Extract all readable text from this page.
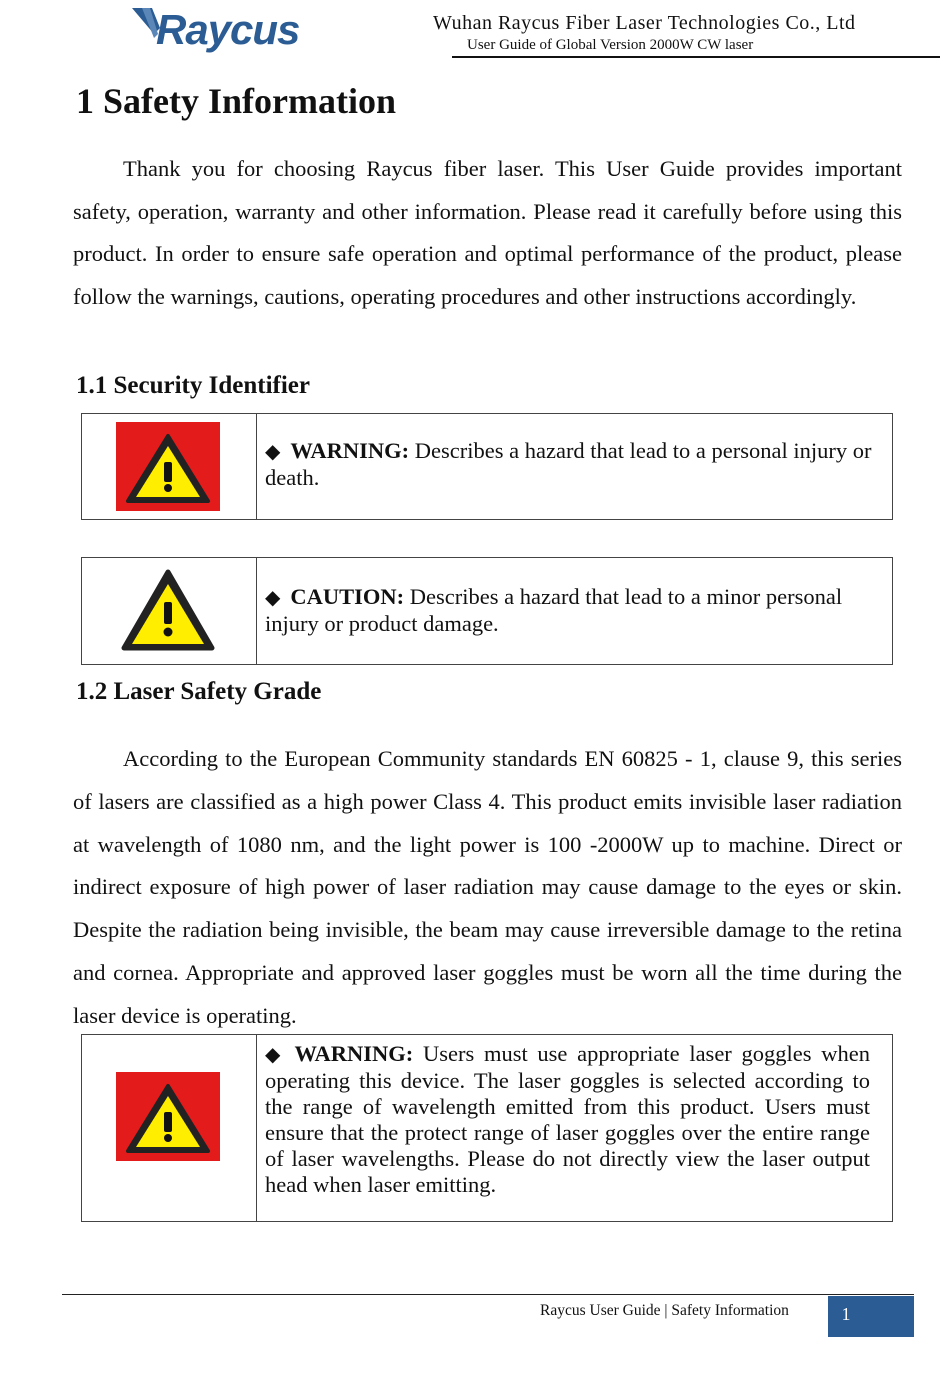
Raycus	Wuhan Raycus Fiber Laser Technologies Co., Ltd
User Guide of Global Version 2000W CW laser
1 Safety Information
Thank you for choosing Raycus fiber laser. This User Guide provides important safety, operation, warranty and other information. Please read it carefully before using this product. In order to ensure safe operation and optimal performance of the product, please follow the warnings, cautions, operating procedures and other instructions accordingly.
1.1 Security Identifier
◆ WARNING: Describes a hazard that lead to a personal injury or death.
◆ CAUTION: Describes a hazard that lead to a minor personal injury or product damage.
1.2 Laser Safety Grade
According to the European Community standards EN 60825 - 1, clause 9, this series of lasers are classified as a high power Class 4. This product emits invisible laser radiation at wavelength of 1080 nm, and the light power is 100 -2000W up to machine. Direct or indirect exposure of high power of laser radiation may cause damage to the eyes or skin. Despite the radiation being invisible, the beam may cause irreversible damage to the retina and cornea. Appropriate and approved laser goggles must be worn all the time during the laser device is operating.
◆ WARNING: Users must use appropriate laser goggles when operating this device. The laser goggles is selected according to the range of wavelength emitted from this product. Users must ensure that the protect range of laser goggles over the entire range of laser wavelengths. Please do not directly view the laser output head when laser emitting.
Raycus User Guide | Safety Information	1
